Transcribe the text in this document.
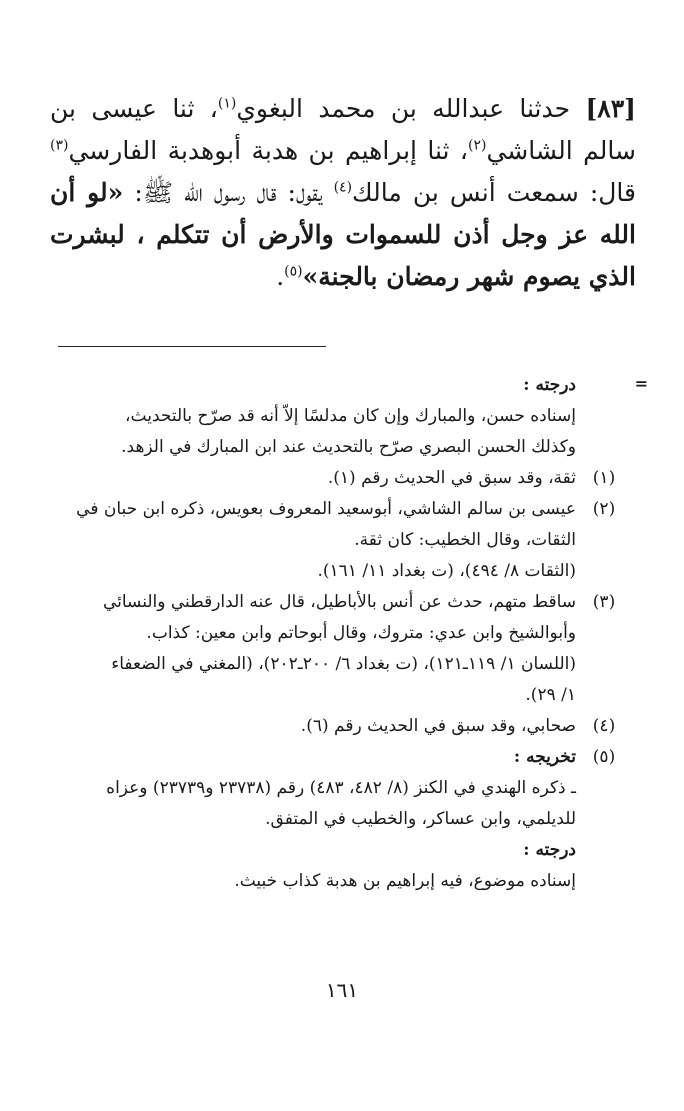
[٨٣] حدثنا عبدالله بن محمد البغوي$^{(١)}$، ثنا عيسى بن سالم الشاشي$^{(٢)}$، ثنا إبراهيم بن هدبة أبوهدبة الفارسي$^{(٣)}$ قال: سمعت أنس بن مالك$^{(٤)}$ يقول: قال رسول الله ﷺ: «لو أن الله عز وجل أذن للسموات والأرض أن تتكلم ، لبشرت الذي يصوم شهر رمضان بالجنة»$^{(٥)}$.

=

درجته :

إسناده حسن، والمبارك وإن كان مدلسًا إلاّ أنه قد صرّح بالتحديث،

وكذلك الحسن البصري صرّح بالتحديث عند ابن المبارك في الزهد.

(١)

ثقة، وقد سبق في الحديث رقم (١).

(٢)

عيسى بن سالم الشاشي، أبوسعيد المعروف بعويس، ذكره ابن حبان في

الثقات، وقال الخطيب: كان ثقة.

(الثقات ٨/ ٤٩٤)، (ت بغداد ١١/ ١٦١).

(٣)

ساقط متهم، حدث عن أنس بالأباطيل، قال عنه الدارقطني والنسائي

وأبوالشيخ وابن عدي: متروك، وقال أبوحاتم وابن معين: كذاب.

(اللسان ١/ ١١٩ـ١٢١)، (ت بغداد ٦/ ٢٠٠ـ٢٠٢)، (المغني في الضعفاء

١/ ٢٩).

(٤)

صحابي، وقد سبق في الحديث رقم (٦).

(٥)

تخريجه :

ـ ذكره الهندي في الكنز (٨/ ٤٨٢، ٤٨٣) رقم (٢٣٧٣٨ و٢٣٧٣٩) وعزاه

للديلمي، وابن عساكر، والخطيب في المتفق.

درجته :

إسناده موضوع، فيه إبراهيم بن هدبة كذاب خبيث.

١٦١
